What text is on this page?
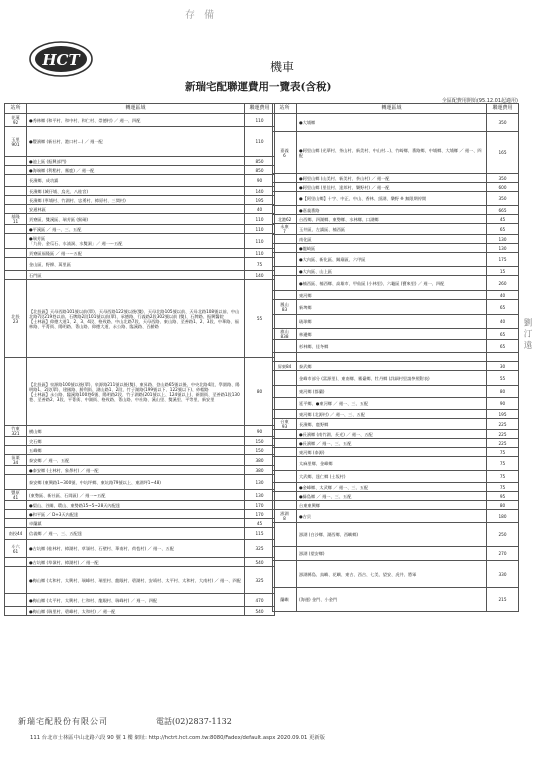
存 備
HCT	機車
新瑞宅配聯運費用一覽表(含稅)
全區配費用開始(95.12.01起適用)
站所	轉運區域	聯運費用
花蓮
92	●秀林鄉 (和平村、和中村、和仁村、崇德村) ／ 週一、四配	110
玉里
901	●豐濱鄉 (新社村、港口村…) ／ 週一配	110
	●池上區 (振興部門)	850
	●海端鄉 (利稻村、霧鹿) ／ 週一配	850
	長濱鄉、成功鎮	90
	長濱鄉 (城仔埔、烏光、八桂宮)	140
	長濱鄉 (寧埔村、竹湖村、忠勇村、樟原村、三間村)	195
	安通林區	40
基隆
11	貢寮區、雙溪區、瑞芳區 (猴硐)	110
	●平溪區 ／ 週一、三、五配	110
	●瑞芳區
「九份、金瓜石、水湳洞、水雙洞」／ 週一～五配	110
	貢寮區福隆區 ／ 週一～五配	110
	金山區、野柳、萬里區	75
	石門區	140
北投
23	【北投區】天母西路101號以前(單)、天母西路122號以後(雙)、天母北路105號以前、天母北路108號以前、中山北路7段219巷以前、石牌路2段101號以前(單)、承德路、行義路2段302號以前 (雙)、石牌路、振興醫院
【士林區】仰德大道1、2、3、4段、格致路、中山北路7段、天母西路、東山路、至善路1、2、3段、中華路、福林路、平菁街、陽明路、菁山路、仰德大道、永公路、臨溪路、百齡路	55
	【北投區】泉源路100號以後(單)、泉源路211號以後(雙)、東昇路、登山路65號以後、中央北路4段、學園路、陽明路1、2段(單)、建國路、勝利街、湖山路1、2段、竹子湖路(199號以下、122號以下)、紗帽路
【士林區】永公路、臨溪路100巷6號、陽明路2段、竹子湖路(201號以上、124號以上)、新園街、至善路1段130巷、至善路2、3段、平菁街、中湖街、格致路、菁山路、中社路、溪山里、雙溪里、平等里、新安里	80
竹東
321	橫山鄉	90
	尖石鄉	150
	五峰鄉	150
苗栗
34	泰安鄉 ／ 週一、五配	380
	●泰安鄉 (士林村、象鼻村) ／ 週一配	380
	泰安鄉 (東興路1~300號、中坑坪鄉、東坑路79號以上、東湖坪1~48)	130
豐原
41	(東勢區、新社區、石岡區) ／ 週一~五配	130
	●梨山、谷關、環山、東勢路15~5~28天內配達	170
	●和平區 ／ D+3天內配達	170
	卓蘭鎮	45
南投44	信義鄉 ／ 週一、三、五配達	115
斗六
61	●古坑鄉 (桂林村、樟湖村、草嶺村、石壁村、華南村、荷苞村) ／ 週一、五配	325
	●古坑鄉 (草嶺村、樟湖村) ／ 週一配	540
	●梅山鄉 (太和村、太興村、瑞峰村、瑞里村、龍眼村、碧湖村、安靖村、太平村、太和村、大南村) ／ 週一、四配	325
	●梅山鄉 (太平村、太興村、仁和村、龍眼村、瑞峰村) ／ 週一、四配	470
	●梅山鄉 (瑞里村、碧峰村、太和村) ／ 週一配	540
站所	轉運區域	聯運費用
	●大埔鄉	350
嘉義
6	●阿里山鄉 (光華村、茶山村、新美村、中山村…)、竹崎鄉、番路鄉、中埔鄉、大埔鄉 ／ 週一、四配	165
	●阿里山鄉 (山美村、新美村、茶山村) ／ 週一配	350
	●阿里山鄉 (里佳村、達邦村、樂野村) ／ 週一配	600
	●【阿里山鄉】十字、中正、中山、香林、頂湖、樂野 ※ 無限期停開	350
	●嘉義番路	665
北港62	台西鄉、四湖鄉、東勢鄉、水林鄉、口湖鄉	45
永康
7	玉井區、左鎮區、楠西區	65
	南化區	130
	●龍崎區	130
	●大內區、新化區、關廟區、六甲區	175
	●大內區、山上區	15
	●楠西區、楠西鄉、高雄市、甲仙區 (小林里)、六龜區 (寶來里) ／ 週一、四配	260
	東河鄉	40
鳳山
83	新埤鄉	65
	琉球鄉	40
旗山
838	林邊鄉	65
	杉林鄉、佳冬鄉	65

屏東84	泰武鄉	30
	金峰市部分 (富源里)、東南鄉、霧臺鄉、牡丹鄉 (詳細村里請參照附表)	55
	東河鄉 (都蘭)	80
	延平鄉、●東河鄉 ／ 週一、三、五配	90
	東河鄉 (北源村) ／ 週一、三、五配	195
台東
93	長濱鄉、鹿野鄉	225
	●長濱鄉 (南竹湖、長光) ／ 週一、五配	225
	●長濱鄉 ／ 週一、三、五配	225
	東河鄉 (泰源)	75
	太麻里鄉、金峰鄉	75
	大武鄉、達仁鄉 (土坂村)	75
	●金峰鄉、太武鄉 ／ 週一、三、五配	75
	●綠島鄉 ／ 週一、三、五配	95
	台東東興鄉	80
澎湖
8	●吉貝	180
	澎湖 (白沙鄉、湖西鄉、西嶼鄉)	250
	澎湖 (望安鄉)	270
	澎湖縣島、鳥嶼、花嶼、東吉、西吉、七美、望安、虎井、將軍	330
蘭嶼	(海運) 金門、小金門	215
劉 汀 遠
新瑞宅配股份有限公司	電話(02)2837-1132
111 台北市士林區中山北路六段 90 號 1 樓 網址: http://hctrt.hct.com.tw:8080/Fadex/default.aspx 2020.09.01 更新版
